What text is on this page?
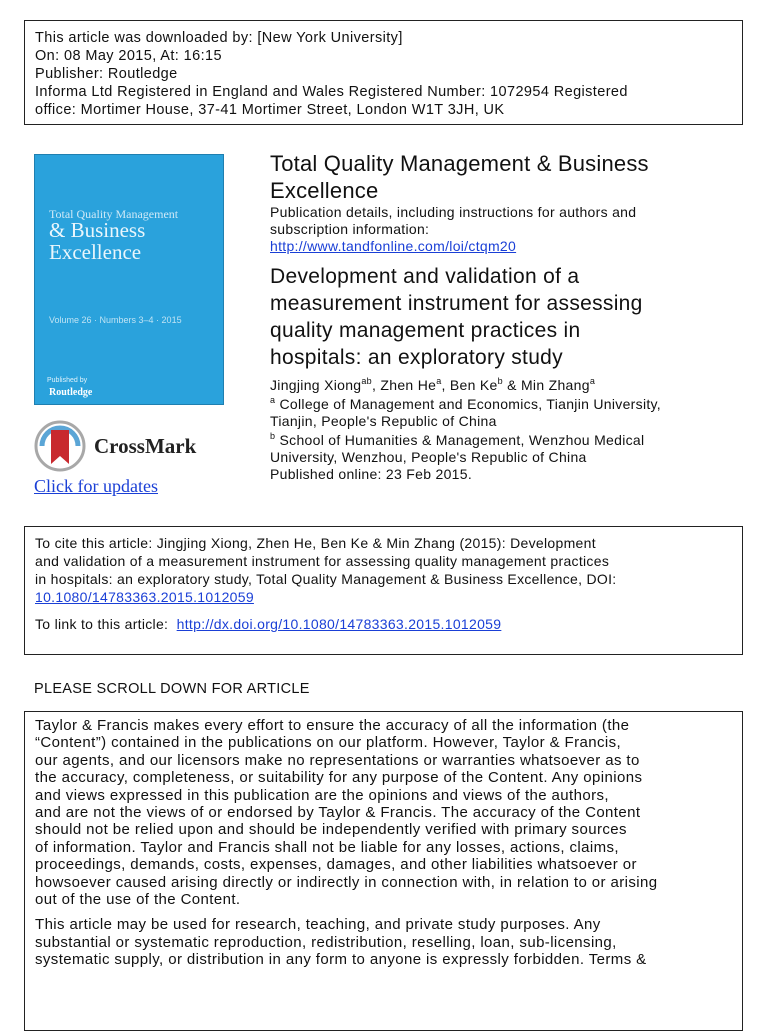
This article was downloaded by: [New York University]
On: 08 May 2015, At: 16:15
Publisher: Routledge
Informa Ltd Registered in England and Wales Registered Number: 1072954 Registered
office: Mortimer House, 37-41 Mortimer Street, London W1T 3JH, UK
Total Quality Management
& Business
Excellence
Volume 26 · Numbers 3–4 · 2015
Published by
Routledge
CrossMark
Click for updates
Total Quality Management & Business
Excellence
Publication details, including instructions for authors and
subscription information:
http://www.tandfonline.com/loi/ctqm20
Development and validation of a
measurement instrument for assessing
quality management practices in
hospitals: an exploratory study
Jingjing Xiong$^{ab}$, Zhen He$^a$, Ben Ke$^b$ & Min Zhang$^a$
$^a$ College of Management and Economics, Tianjin University,
Tianjin, People's Republic of China
$^b$ School of Humanities & Management, Wenzhou Medical
University, Wenzhou, People's Republic of China
Published online: 23 Feb 2015.
To cite this article: Jingjing Xiong, Zhen He, Ben Ke & Min Zhang (2015): Development
and validation of a measurement instrument for assessing quality management practices
in hospitals: an exploratory study, Total Quality Management & Business Excellence, DOI:
10.1080/14783363.2015.1012059
To link to this article:  http://dx.doi.org/10.1080/14783363.2015.1012059
PLEASE SCROLL DOWN FOR ARTICLE

Taylor & Francis makes every effort to ensure the accuracy of all the information (the
“Content”) contained in the publications on our platform. However, Taylor & Francis,
our agents, and our licensors make no representations or warranties whatsoever as to
the accuracy, completeness, or suitability for any purpose of the Content. Any opinions
and views expressed in this publication are the opinions and views of the authors,
and are not the views of or endorsed by Taylor & Francis. The accuracy of the Content
should not be relied upon and should be independently verified with primary sources
of information. Taylor and Francis shall not be liable for any losses, actions, claims,
proceedings, demands, costs, expenses, damages, and other liabilities whatsoever or
howsoever caused arising directly or indirectly in connection with, in relation to or arising
out of the use of the Content.

This article may be used for research, teaching, and private study purposes. Any
substantial or systematic reproduction, redistribution, reselling, loan, sub-licensing,
systematic supply, or distribution in any form to anyone is expressly forbidden. Terms &
